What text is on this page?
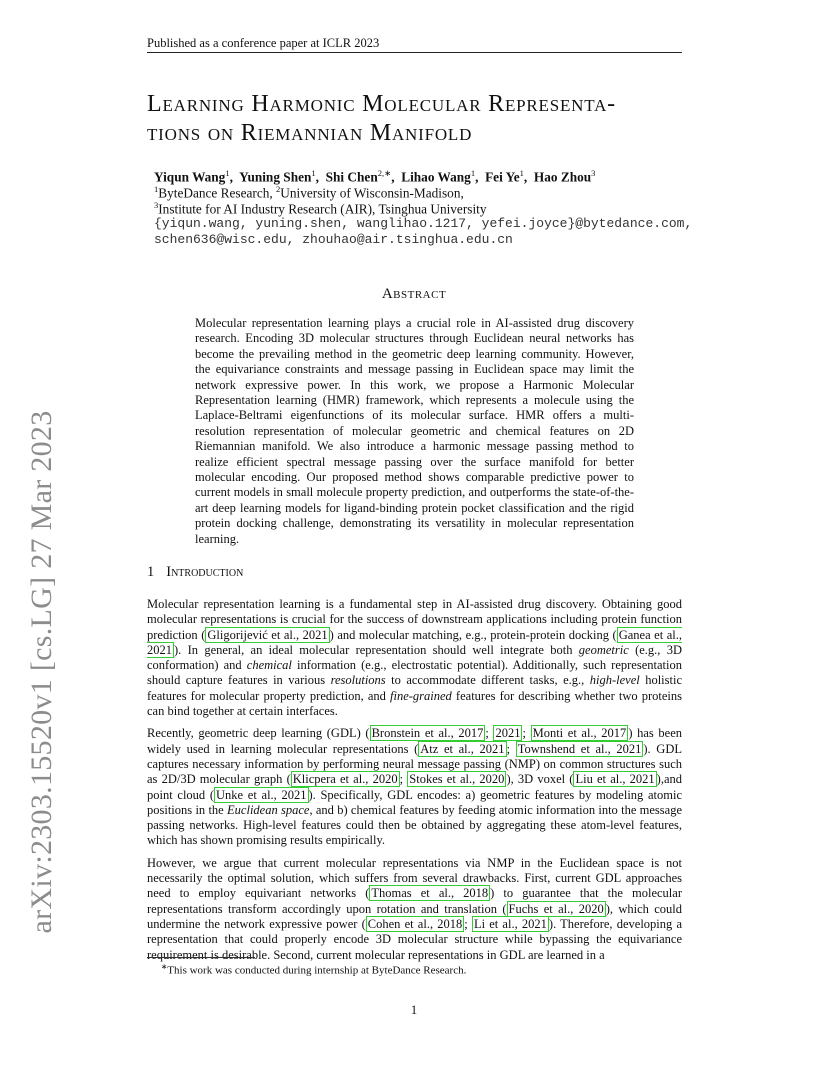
Published as a conference paper at ICLR 2023
arXiv:2303.15520v1 [cs.LG] 27 Mar 2023
Learning Harmonic Molecular Representa-
tions on Riemannian Manifold
Yiqun Wang$^1$,  Yuning Shen$^1$,  Shi Chen$^{2,∗}$,  Lihao Wang$^1$,  Fei Ye$^1$,  Hao Zhou$^3$
$^1$ByteDance Research, $^2$University of Wisconsin-Madison,
$^3$Institute for AI Industry Research (AIR), Tsinghua University
{yiqun.wang, yuning.shen, wanglihao.1217, yefei.joyce}@bytedance.com,
schen636@wisc.edu, zhouhao@air.tsinghua.edu.cn
Abstract
Molecular representation learning plays a crucial role in AI-assisted drug discovery research. Encoding 3D molecular structures through Euclidean neural networks has become the prevailing method in the geometric deep learning community. However, the equivariance constraints and message passing in Euclidean space may limit the network expressive power. In this work, we propose a Harmonic Molecular Representation learning (HMR) framework, which represents a molecule using the Laplace-Beltrami eigenfunctions of its molecular surface. HMR offers a multi-resolution representation of molecular geometric and chemical features on 2D Riemannian manifold. We also introduce a harmonic message passing method to realize efficient spectral message passing over the surface manifold for better molecular encoding. Our proposed method shows comparable predictive power to current models in small molecule property prediction, and outperforms the state-of-the-art deep learning models for ligand-binding protein pocket classification and the rigid protein docking challenge, demonstrating its versatility in molecular representation learning.
1 Introduction

Molecular representation learning is a fundamental step in AI-assisted drug discovery. Obtaining good molecular representations is crucial for the success of downstream applications including protein function prediction ( Gligorijević et al., 2021 ) and molecular matching, e.g., protein-protein docking ( Ganea et al., 2021 ). In general, an ideal molecular representation should well integrate both geometric (e.g., 3D conformation) and chemical information (e.g., electrostatic potential). Additionally, such representation should capture features in various resolutions to accommodate different tasks, e.g., high-level holistic features for molecular property prediction, and fine-grained features for describing whether two proteins can bind together at certain interfaces.

Recently, geometric deep learning (GDL) ( Bronstein et al., 2017 ; 2021 ; Monti et al., 2017 ) has been widely used in learning molecular representations ( Atz et al., 2021 ; Townshend et al., 2021 ). GDL captures necessary information by performing neural message passing (NMP) on common structures such as 2D/3D molecular graph ( Klicpera et al., 2020 ; Stokes et al., 2020 ), 3D voxel ( Liu et al., 2021 ),and point cloud ( Unke et al., 2021 ). Specifically, GDL encodes: a) geometric features by modeling atomic positions in the Euclidean space, and b) chemical features by feeding atomic information into the message passing networks. High-level features could then be obtained by aggregating these atom-level features, which has shown promising results empirically.

However, we argue that current molecular representations via NMP in the Euclidean space is not necessarily the optimal solution, which suffers from several drawbacks. First, current GDL approaches need to employ equivariant networks ( Thomas et al., 2018 ) to guarantee that the molecular representations transform accordingly upon rotation and translation ( Fuchs et al., 2020 ), which could undermine the network expressive power ( Cohen et al., 2018 ; Li et al., 2021 ). Therefore, developing a representation that could properly encode 3D molecular structure while bypassing the equivariance requirement is desirable. Second, current molecular representations in GDL are learned in a

∗This work was conducted during internship at ByteDance Research.
1
